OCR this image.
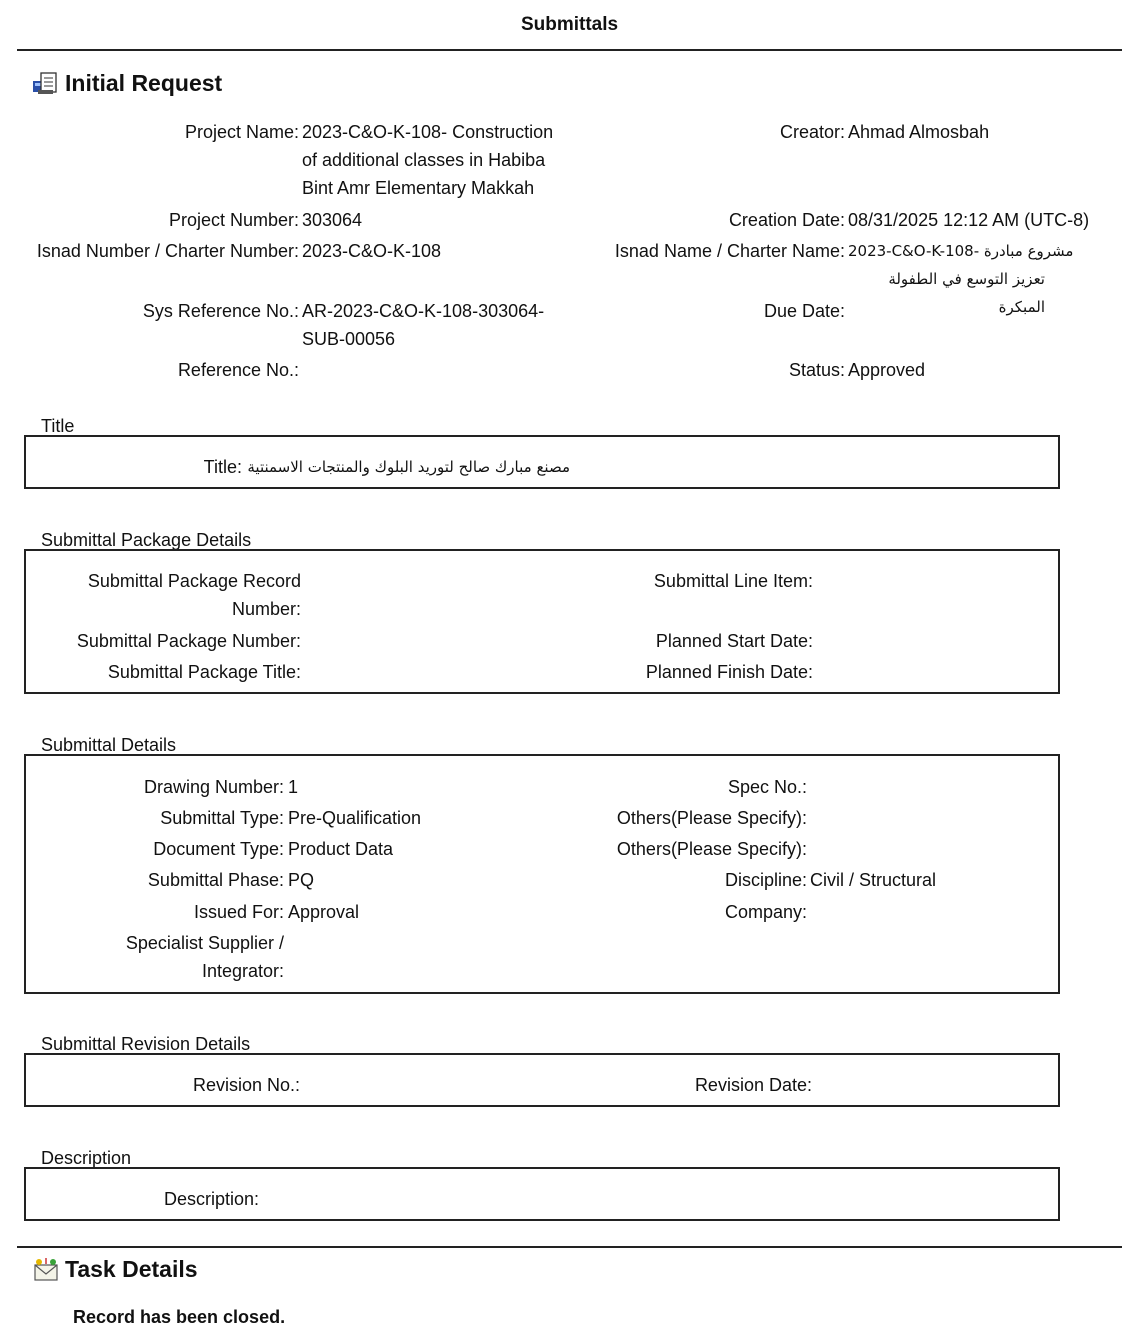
Submittals
Initial Request
Project Name: 2023-C&O-K-108- Construction
of additional classes in Habiba
Bint Amr Elementary Makkah
Creator: Ahmad Almosbah
Project Number: 303064	Creation Date: 08/31/2025 12:12 AM (UTC-8)
Isnad Number / Charter Number: 2023-C&O-K-108	Isnad Name / Charter Name: 2023-C&O-K-108- مشروع مبادرة
تعزيز التوسع في الطفولة المبكرة
Sys Reference No.: AR-2023-C&O-K-108-303064-
SUB-00056
Due Date:
Reference No.:	Status: Approved
Title
Title: مصنع مبارك صالح لتوريد البلوك والمنتجات الاسمنتية
Submittal Package Details
Submittal Package Record
Number:
Submittal Line Item:
Submittal Package Number:	Planned Start Date:
Submittal Package Title:	Planned Finish Date:
Submittal Details
Drawing Number: 1	Spec No.:
Submittal Type: Pre-Qualification	Others(Please Specify):
Document Type: Product Data	Others(Please Specify):
Submittal Phase: PQ	Discipline: Civil / Structural
Issued For: Approval	Company:
Specialist Supplier /
Integrator:
Submittal Revision Details
Revision No.:	Revision Date:
Description
Description:
Task Details
Record has been closed.
